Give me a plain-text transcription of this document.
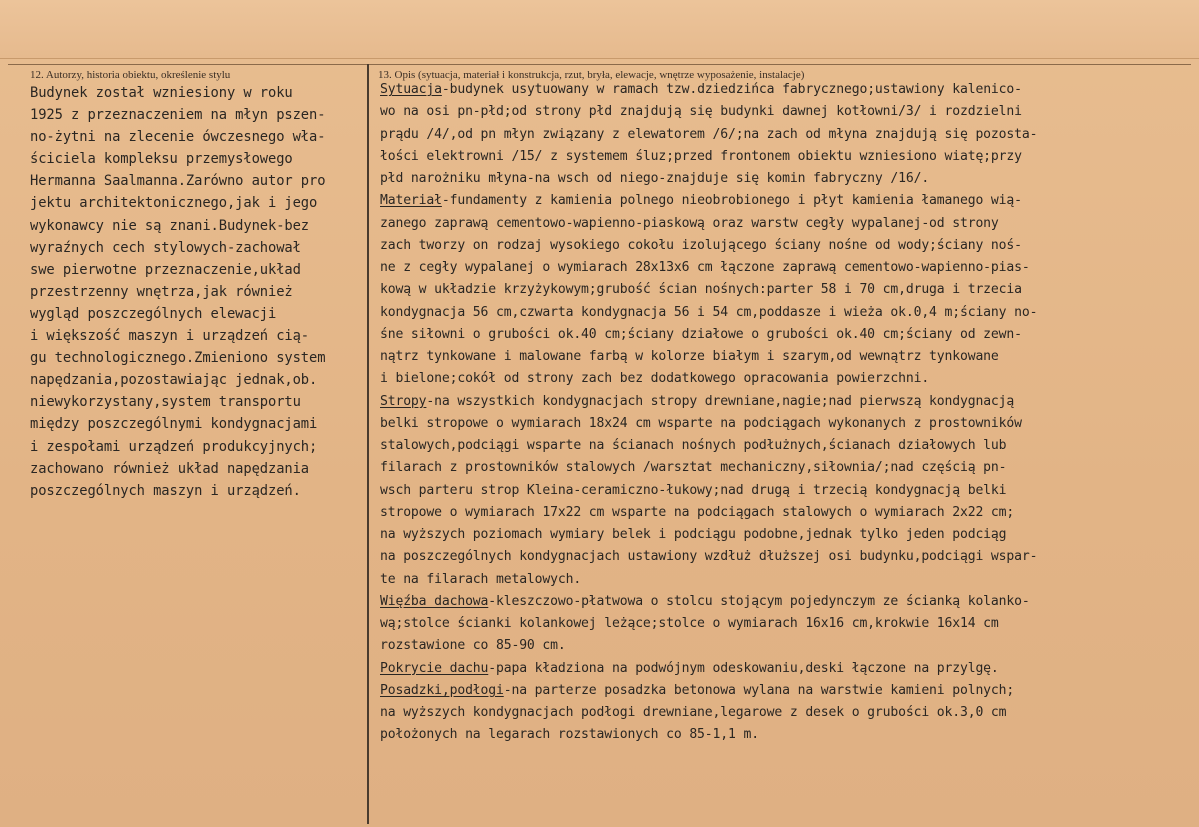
12. Autorzy, historia obiektu, określenie stylu	13. Opis (sytuacja, materiał i konstrukcja, rzut, bryła, elewacje, wnętrze wyposażenie, instalacje)
Budynek został wzniesiony w roku
1925 z przeznaczeniem na młyn pszen-
no-żytni na zlecenie ówczesnego wła-
ściciela kompleksu przemysłowego
Hermanna Saalmanna.Zarówno autor pro
jektu architektonicznego,jak i jego
wykonawcy nie są znani.Budynek-bez
wyraźnych cech stylowych-zachował
swe pierwotne przeznaczenie,układ
przestrzenny wnętrza,jak również
wygląd poszczególnych elewacji
i większość maszyn i urządzeń cią-
gu technologicznego.Zmieniono system
napędzania,pozostawiając jednak,ob.
niewykorzystany,system transportu
między poszczególnymi kondygnacjami
i zespołami urządzeń produkcyjnych;
zachowano również układ napędzania
poszczególnych maszyn i urządzeń.
Sytuacja-budynek usytuowany w ramach tzw.dziedzińca fabrycznego;ustawiony kalenico-
wo na osi pn-płd;od strony płd znajdują się budynki dawnej kotłowni/3/ i rozdzielni
prądu /4/,od pn młyn związany z elewatorem /6/;na zach od młyna znajdują się pozosta-
łości elektrowni /15/ z systemem śluz;przed frontonem obiektu wzniesiono wiatę;przy
płd narożniku młyna-na wsch od niego-znajduje się komin fabryczny /16/.
Materiał-fundamenty z kamienia polnego nieobrobionego i płyt kamienia łamanego wią-
zanego zaprawą cementowo-wapienno-piaskową oraz warstw cegły wypalanej-od strony
zach tworzy on rodzaj wysokiego cokołu izolującego ściany nośne od wody;ściany noś-
ne z cegły wypalanej o wymiarach 28x13x6 cm łączone zaprawą cementowo-wapienno-pias-
kową w układzie krzyżykowym;grubość ścian nośnych:parter 58 i 70 cm,druga i trzecia
kondygnacja 56 cm,czwarta kondygnacja 56 i 54 cm,poddasze i wieża ok.0,4 m;ściany no-
śne siłowni o grubości ok.40 cm;ściany działowe o grubości ok.40 cm;ściany od zewn-
nątrz tynkowane i malowane farbą w kolorze białym i szarym,od wewnątrz tynkowane
i bielone;cokół od strony zach bez dodatkowego opracowania powierzchni.
Stropy-na wszystkich kondygnacjach stropy drewniane,nagie;nad pierwszą kondygnacją
belki stropowe o wymiarach 18x24 cm wsparte na podciągach wykonanych z prostowników
stalowych,podciągi wsparte na ścianach nośnych podłużnych,ścianach działowych lub
filarach z prostowników stalowych /warsztat mechaniczny,siłownia/;nad częścią pn-
wsch parteru strop Kleina-ceramiczno-łukowy;nad drugą i trzecią kondygnacją belki
stropowe o wymiarach 17x22 cm wsparte na podciągach stalowych o wymiarach 2x22 cm;
na wyższych poziomach wymiary belek i podciągu podobne,jednak tylko jeden podciąg
na poszczególnych kondygnacjach ustawiony wzdłuż dłuższej osi budynku,podciągi wspar-
te na filarach metalowych.
Więźba dachowa-kleszczowo-płatwowa o stolcu stojącym pojedynczym ze ścianką kolanko-
wą;stolce ścianki kolankowej leżące;stolce o wymiarach 16x16 cm,krokwie 16x14 cm
rozstawione co 85-90 cm.
Pokrycie dachu-papa kładziona na podwójnym odeskowaniu,deski łączone na przylgę.
Posadzki,podłogi-na parterze posadzka betonowa wylana na warstwie kamieni polnych;
na wyższych kondygnacjach podłogi drewniane,legarowe z desek o grubości ok.3,0 cm
położonych na legarach rozstawionych co 85-1,1 m.
